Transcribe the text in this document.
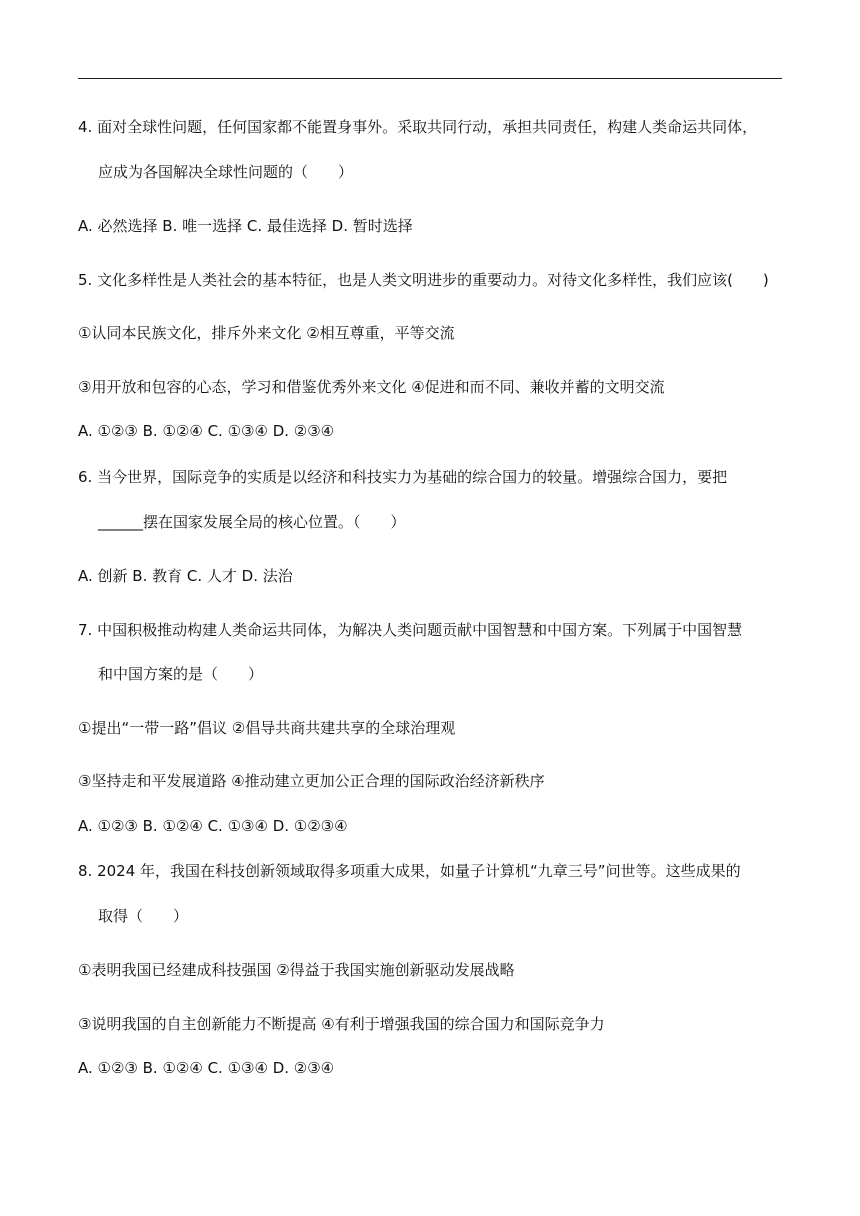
4. 面对全球性问题，任何国家都不能置身事外。采取共同行动，承担共同责任，构建人类命运共同体，
应成为各国解决全球性问题的（　　）
A. 必然选择 B. 唯一选择 C. 最佳选择 D. 暂时选择
5. 文化多样性是人类社会的基本特征，也是人类文明进步的重要动力。对待文化多样性，我们应该(　　)
①认同本民族文化，排斥外来文化 ②相互尊重，平等交流
③用开放和包容的心态，学习和借鉴优秀外来文化 ④促进和而不同、兼收并蓄的文明交流
A. ①②③ B. ①②④ C. ①③④ D. ②③④
6. 当今世界，国际竞争的实质是以经济和科技实力为基础的综合国力的较量。增强综合国力，要把
______摆在国家发展全局的核心位置。（　　）
A. 创新 B. 教育 C. 人才 D. 法治
7. 中国积极推动构建人类命运共同体，为解决人类问题贡献中国智慧和中国方案。下列属于中国智慧
和中国方案的是（　　）
①提出“一带一路”倡议 ②倡导共商共建共享的全球治理观
③坚持走和平发展道路 ④推动建立更加公正合理的国际政治经济新秩序
A. ①②③ B. ①②④ C. ①③④ D. ①②③④
8. 2024 年，我国在科技创新领域取得多项重大成果，如量子计算机“九章三号”问世等。这些成果的
取得（　　）
①表明我国已经建成科技强国 ②得益于我国实施创新驱动发展战略
③说明我国的自主创新能力不断提高 ④有利于增强我国的综合国力和国际竞争力
A. ①②③ B. ①②④ C. ①③④ D. ②③④
